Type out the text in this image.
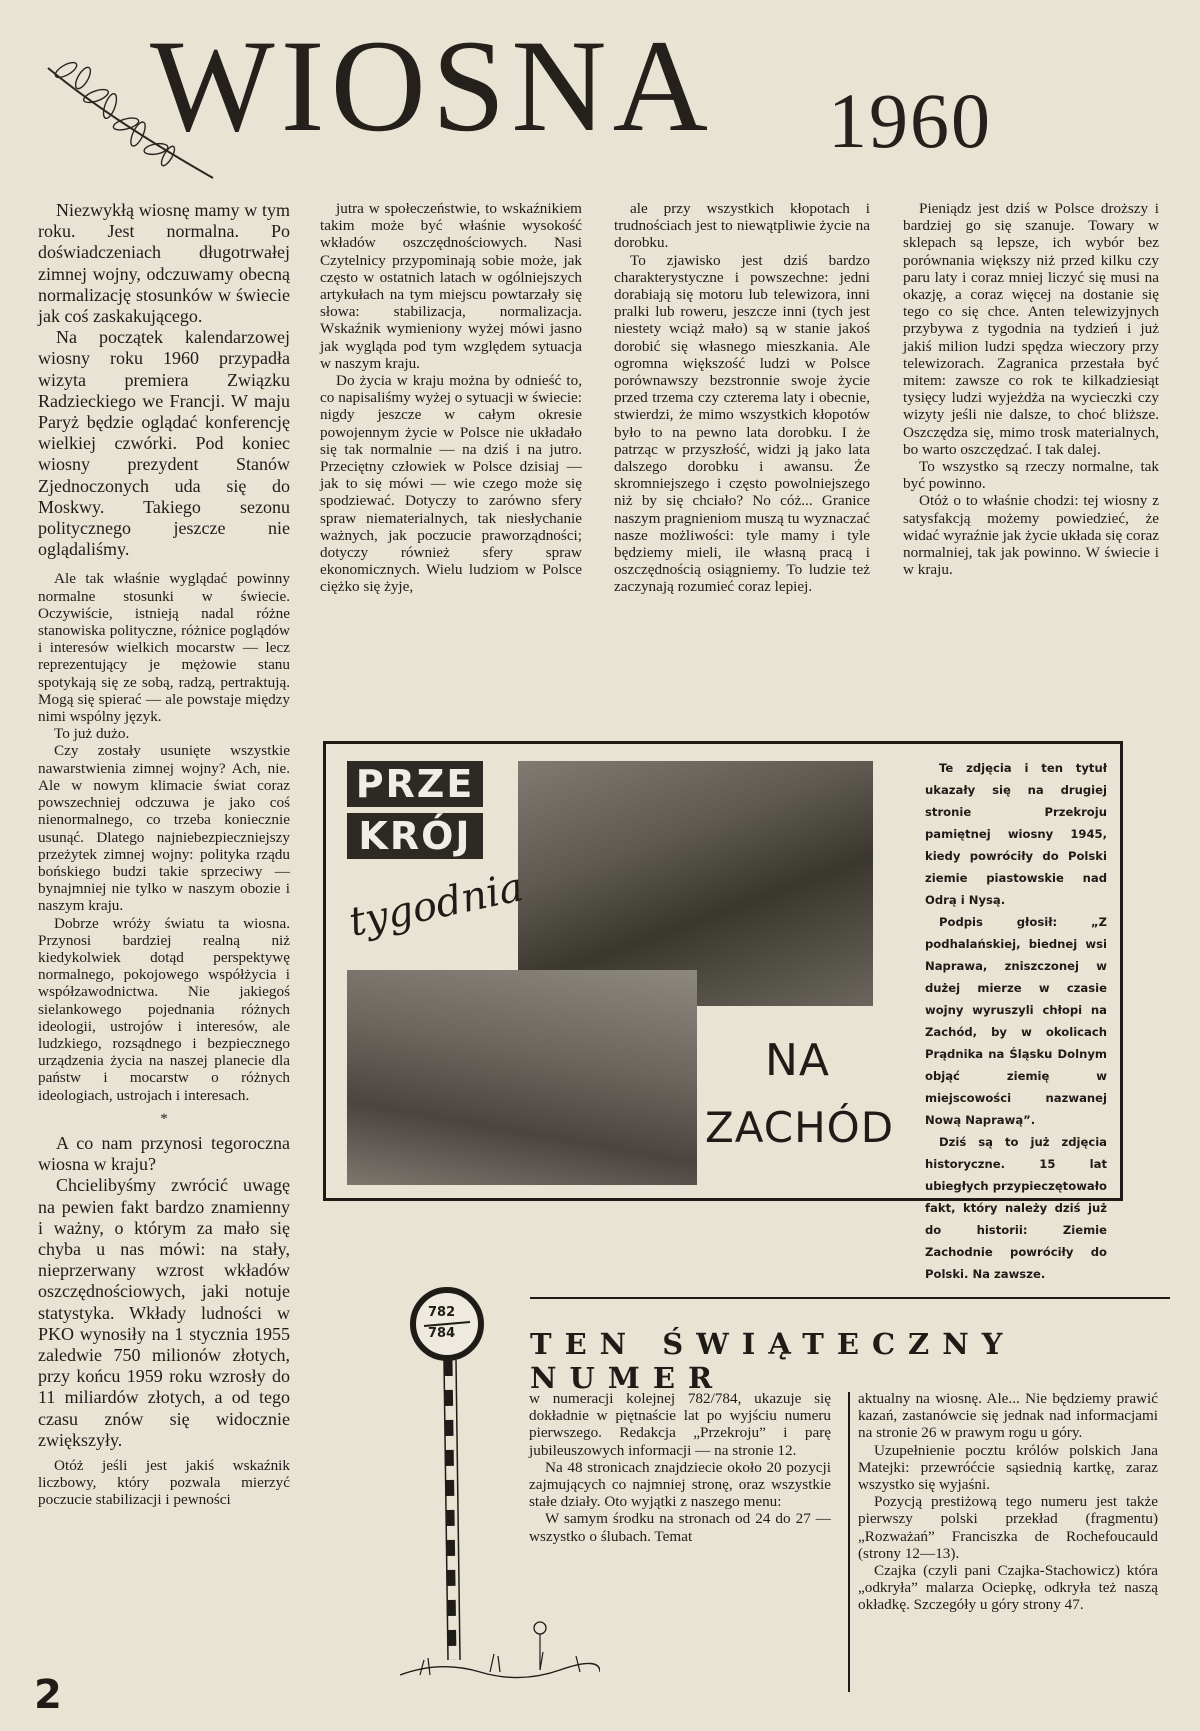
WIOSNA 1960

Niezwykłą wiosnę mamy w tym roku. Jest normalna. Po doświadczeniach długotrwałej zimnej wojny, odczuwamy obecną normalizację stosunków w świecie jak coś zaskakującego.

Na początek kalendarzowej wiosny roku 1960 przypadła wizyta premiera Związku Radzieckiego we Francji. W maju Paryż będzie oglądać konferencję wielkiej czwórki. Pod koniec wiosny prezydent Stanów Zjednoczonych uda się do Moskwy. Takiego sezonu politycznego jeszcze nie oglądaliśmy.

Ale tak właśnie wyglądać powinny normalne stosunki w świecie. Oczywiście, istnieją nadal różne stanowiska polityczne, różnice poglądów i interesów wielkich mocarstw — lecz reprezentujący je mężowie stanu spotykają się ze sobą, radzą, pertraktują. Mogą się spierać — ale powstaje między nimi wspólny język.

To już dużo.

Czy zostały usunięte wszystkie nawarstwienia zimnej wojny? Ach, nie. Ale w nowym klimacie świat coraz powszechniej odczuwa je jako coś nienormalnego, co trzeba koniecznie usunąć. Dlatego najniebezpieczniejszy przeżytek zimnej wojny: polityka rządu bońskiego budzi takie sprzeciwy — bynajmniej nie tylko w naszym obozie i naszym kraju.

Dobrze wróży światu ta wiosna. Przynosi bardziej realną niż kiedykolwiek dotąd perspektywę normalnego, pokojowego współżycia i współzawodnictwa. Nie jakiegoś sielankowego pojednania różnych ideologii, ustrojów i interesów, ale ludzkiego, rozsądnego i bezpiecznego urządzenia życia na naszej planecie dla państw i mocarstw o różnych ideologiach, ustrojach i interesach.

*

A co nam przynosi tegoroczna wiosna w kraju?

Chcielibyśmy zwrócić uwagę na pewien fakt bardzo znamienny i ważny, o którym za mało się chyba u nas mówi: na stały, nieprzerwany wzrost wkładów oszczędnościowych, jaki notuje statystyka. Wkłady ludności w PKO wynosiły na 1 stycznia 1955 zaledwie 750 milionów złotych, przy końcu 1959 roku wzrosły do 11 miliardów złotych, a od tego czasu znów się widocznie zwiększyły.

Otóż jeśli jest jakiś wskaźnik liczbowy, który pozwala mierzyć poczucie stabilizacji i pewności

jutra w społeczeństwie, to wskaźnikiem takim może być właśnie wysokość wkładów oszczędnościowych. Nasi Czytelnicy przypominają sobie może, jak często w ostatnich latach w ogólniejszych artykułach na tym miejscu powtarzały się słowa: stabilizacja, normalizacja. Wskaźnik wymieniony wyżej mówi jasno jak wygląda pod tym względem sytuacja w naszym kraju.

Do życia w kraju można by odnieść to, co napisaliśmy wyżej o sytuacji w świecie: nigdy jeszcze w całym okresie powojennym życie w Polsce nie układało się tak normalnie — na dziś i na jutro. Przeciętny człowiek w Polsce dzisiaj — jak to się mówi — wie czego może się spodziewać. Dotyczy to zarówno sfery spraw niematerialnych, tak niesłychanie ważnych, jak poczucie praworządności; dotyczy również sfery spraw ekonomicznych. Wielu ludziom w Polsce ciężko się żyje,

ale przy wszystkich kłopotach i trudnościach jest to niewątpliwie życie na dorobku.

To zjawisko jest dziś bardzo charakterystyczne i powszechne: jedni dorabiają się motoru lub telewizora, inni pralki lub roweru, jeszcze inni (tych jest niestety wciąż mało) są w stanie jakoś dorobić się własnego mieszkania. Ale ogromna większość ludzi w Polsce porównawszy bezstronnie swoje życie przed trzema czy czterema laty i obecnie, stwierdzi, że mimo wszystkich kłopotów było to na pewno lata dorobku. I że patrząc w przyszłość, widzi ją jako lata dalszego dorobku i awansu. Że skromniejszego i często powolniejszego niż by się chciało? No cóż... Granice naszym pragnieniom muszą tu wyznaczać nasze możliwości: tyle mamy i tyle będziemy mieli, ile własną pracą i oszczędnością osiągniemy. To ludzie też zaczynają rozumieć coraz lepiej.

Pieniądz jest dziś w Polsce droższy i bardziej go się szanuje. Towary w sklepach są lepsze, ich wybór bez porównania większy niż przed kilku czy paru laty i coraz mniej liczyć się musi na okazję, a coraz więcej na dostanie się tego co się chce. Anten telewizyjnych przybywa z tygodnia na tydzień i już jakiś milion ludzi spędza wieczory przy telewizorach. Zagranica przestała być mitem: zawsze co rok te kilkadziesiąt tysięcy ludzi wyjeżdża na wycieczki czy wizyty jeśli nie dalsze, to choć bliższe. Oszczędza się, mimo trosk materialnych, bo warto oszczędzać. I tak dalej.

To wszystko są rzeczy normalne, tak być powinno.

Otóż o to właśnie chodzi: tej wiosny z satysfakcją możemy powiedzieć, że widać wyraźnie jak życie układa się coraz normalniej, tak jak powinno. W świecie i w kraju.

PRZE
KRÓJ
tygodnia
NA
ZACHÓD

Te zdjęcia i ten tytuł ukazały się na drugiej stronie Przekroju pamiętnej wiosny 1945, kiedy powróciły do Polski ziemie piastowskie nad Odrą i Nysą.

Podpis głosił: „Z podhalańskiej, biednej wsi Naprawa, zniszczonej w dużej mierze w czasie wojny wyruszyli chłopi na Zachód, by w okolicach Prądnika na Śląsku Dolnym objąć ziemię w miejscowości nazwanej Nową Naprawą”.

Dziś są to już zdjęcia historyczne. 15 lat ubiegłych przypieczętowało fakt, który należy dziś już do historii: Ziemie Zachodnie powróciły do Polski. Na zawsze.

TEN ŚWIĄTECZNY NUMER
782
784

w numeracji kolejnej 782/784, ukazuje się dokładnie w piętnaście lat po wyjściu numeru pierwszego. Redakcja „Przekroju” i parę jubileuszowych informacji — na stronie 12.

Na 48 stronicach znajdziecie około 20 pozycji zajmujących co najmniej stronę, oraz wszystkie stałe działy. Oto wyjątki z naszego menu:

W samym środku na stronach od 24 do 27 — wszystko o ślubach. Temat

aktualny na wiosnę. Ale... Nie będziemy prawić kazań, zastanówcie się jednak nad informacjami na stronie 26 w prawym rogu u góry.

Uzupełnienie pocztu królów polskich Jana Matejki: przewróćcie sąsiednią kartkę, zaraz wszystko się wyjaśni.

Pozycją prestiżową tego numeru jest także pierwszy polski przekład (fragmentu) „Rozważań” Franciszka de Rochefoucauld (strony 12—13).

Czajka (czyli pani Czajka-Stachowicz) która „odkryła” malarza Ociepkę, odkryła też naszą okładkę. Szczegóły u góry strony 47.

2
